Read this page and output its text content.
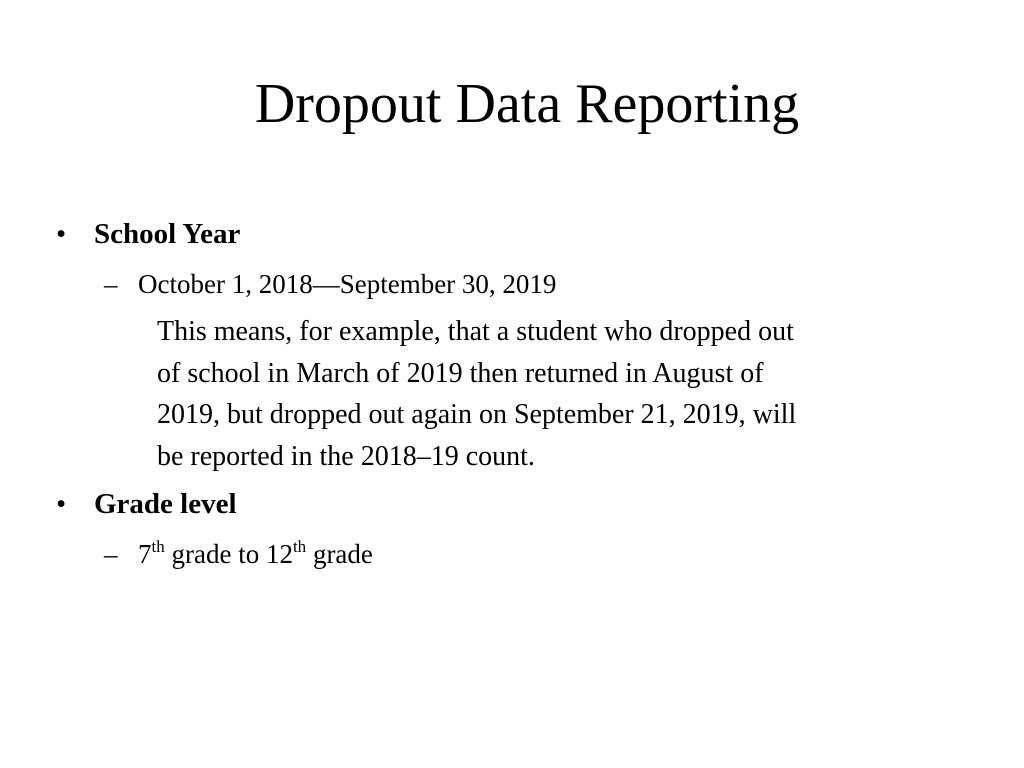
Dropout Data Reporting
• School Year
– October 1, 2018—September 30, 2019
This means, for example, that a student who dropped out
of school in March of 2019 then returned in August of
2019, but dropped out again on September 21, 2019, will
be reported in the 2018–19 count.
• Grade level
– 7th grade to 12th grade
